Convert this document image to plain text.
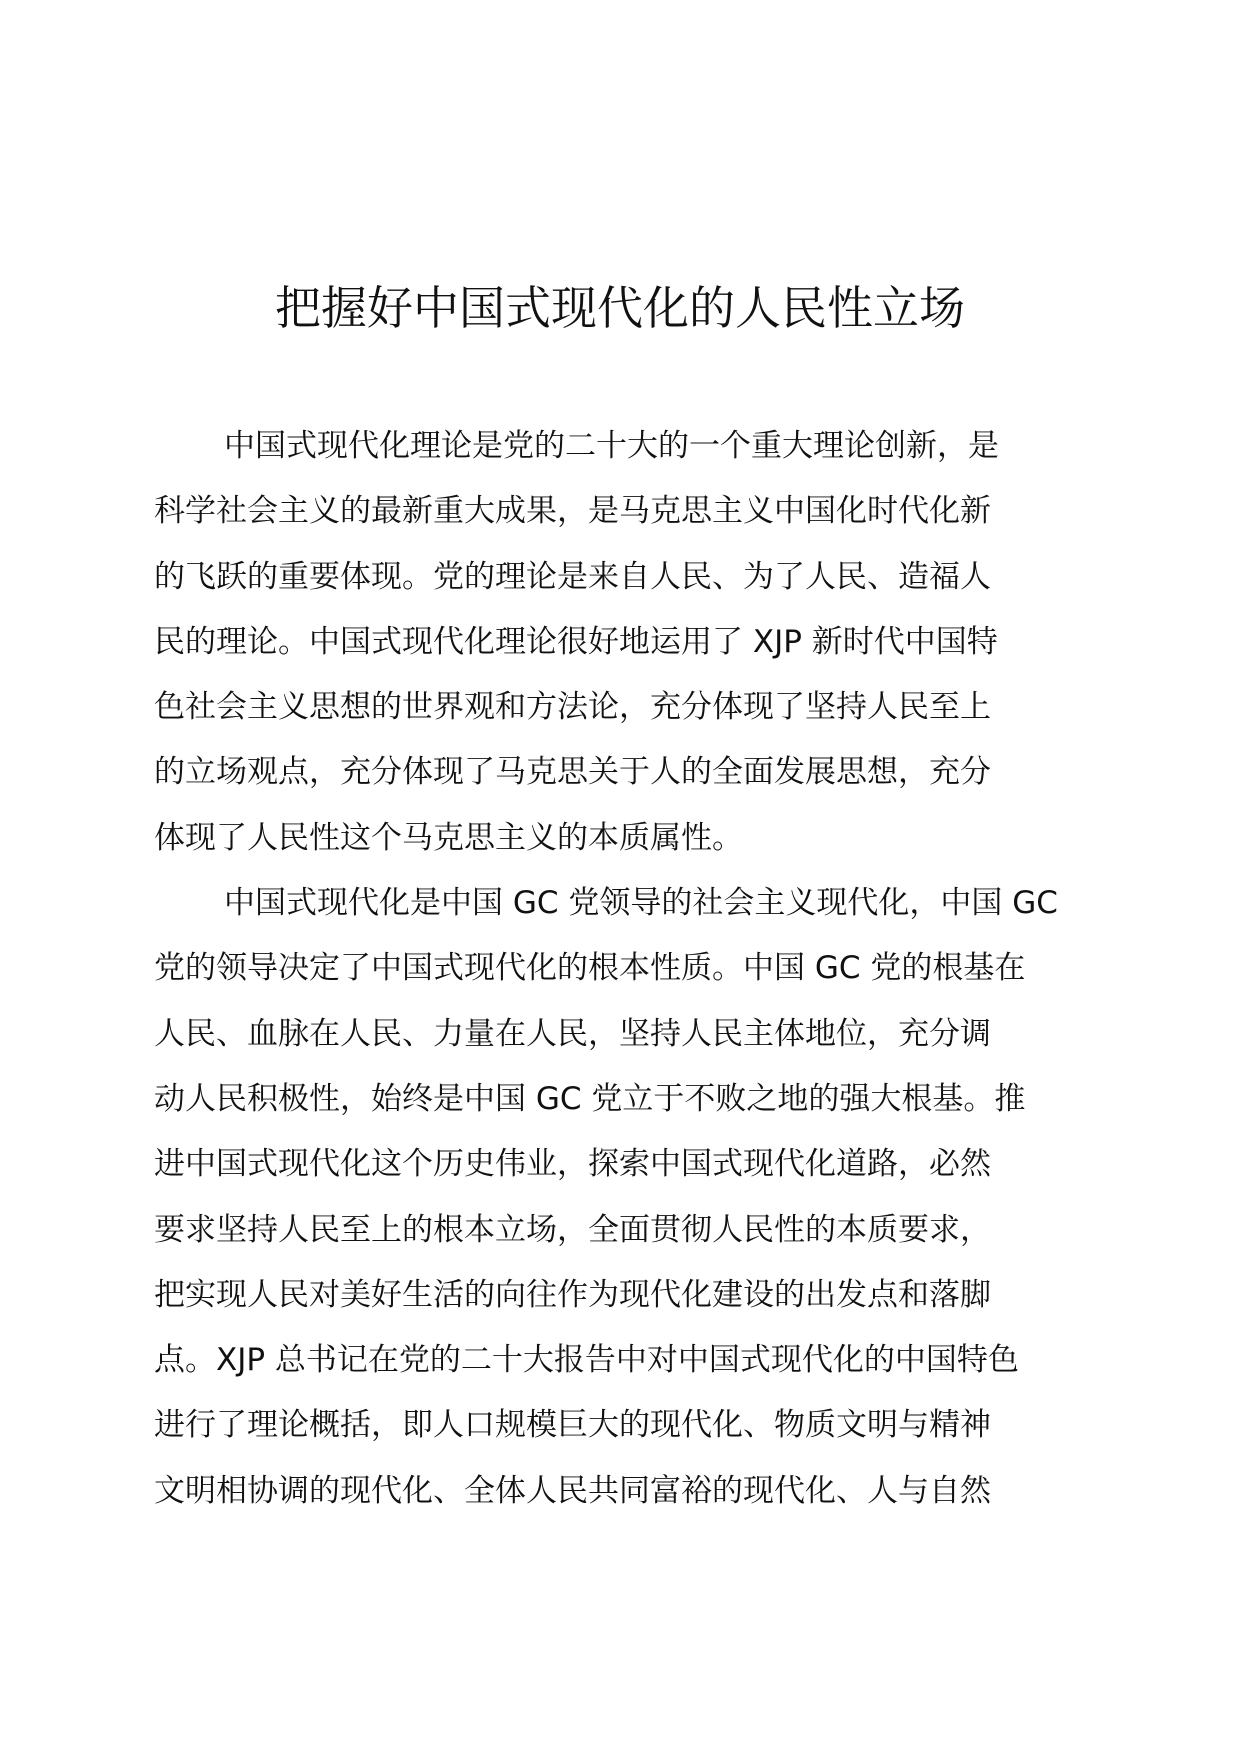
把握好中国式现代化的人民性立场

中国式现代化理论是党的二十大的一个重大理论创新，是
科学社会主义的最新重大成果，是马克思主义中国化时代化新
的飞跃的重要体现。党的理论是来自人民、为了人民、造福人
民的理论。中国式现代化理论很好地运用了 XJP 新时代中国特
色社会主义思想的世界观和方法论，充分体现了坚持人民至上
的立场观点，充分体现了马克思关于人的全面发展思想，充分
体现了人民性这个马克思主义的本质属性。

中国式现代化是中国 GC 党领导的社会主义现代化，中国 GC
党的领导决定了中国式现代化的根本性质。中国 GC 党的根基在
人民、血脉在人民、力量在人民，坚持人民主体地位，充分调
动人民积极性，始终是中国 GC 党立于不败之地的强大根基。推
进中国式现代化这个历史伟业，探索中国式现代化道路，必然
要求坚持人民至上的根本立场，全面贯彻人民性的本质要求，
把实现人民对美好生活的向往作为现代化建设的出发点和落脚
点。XJP 总书记在党的二十大报告中对中国式现代化的中国特色
进行了理论概括，即人口规模巨大的现代化、物质文明与精神
文明相协调的现代化、全体人民共同富裕的现代化、人与自然
